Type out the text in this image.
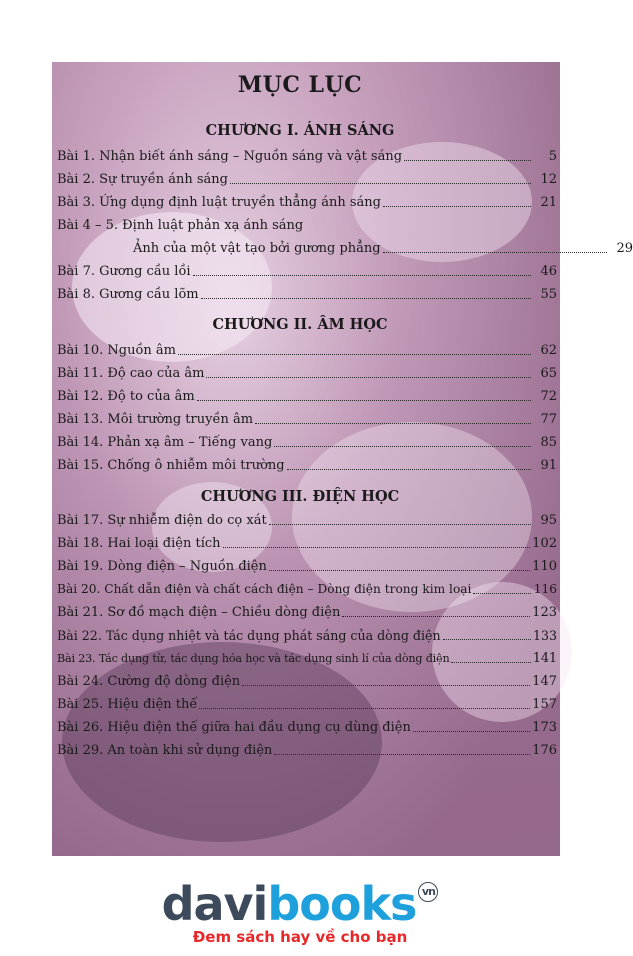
MỤC LỤC
CHƯƠNG I. ÁNH SÁNG
Bài 1. Nhận biết ánh sáng – Nguồn sáng và vật sáng	5
Bài 2. Sự truyền ánh sáng	12
Bài 3. Ứng dụng định luật truyền thẳng ánh sáng	21
Bài 4 – 5. Định luật phản xạ ánh sáng
Ảnh của một vật tạo bởi gương phẳng	29
Bài 7. Gương cầu lồi	46
Bài 8. Gương cầu lõm	55
CHƯƠNG II. ÂM HỌC
Bài 10. Nguồn âm	62
Bài 11. Độ cao của âm	65
Bài 12. Độ to của âm	72
Bài 13. Môi trường truyền âm	77
Bài 14. Phản xạ âm – Tiếng vang	85
Bài 15. Chống ô nhiễm môi trường	91
CHƯƠNG III. ĐIỆN HỌC
Bài 17. Sự nhiễm điện do cọ xát	95
Bài 18. Hai loại điện tích	102
Bài 19. Dòng điện – Nguồn điện	110
Bài 20. Chất dẫn điện và chất cách điện – Dòng điện trong kim loại	116
Bài 21. Sơ đồ mạch điện – Chiều dòng điện	123
Bài 22. Tác dụng nhiệt và tác dụng phát sáng của dòng điện	133
Bài 23. Tác dụng từ, tác dụng hóa học và tác dụng sinh lí của dòng điện	141
Bài 24. Cường độ dòng điện	147
Bài 25. Hiệu điện thế	157
Bài 26. Hiệu điện thế giữa hai đầu dụng cụ dùng điện	173
Bài 29. An toàn khi sử dụng điện	176
davibooks vn
Đem sách hay về cho bạn
